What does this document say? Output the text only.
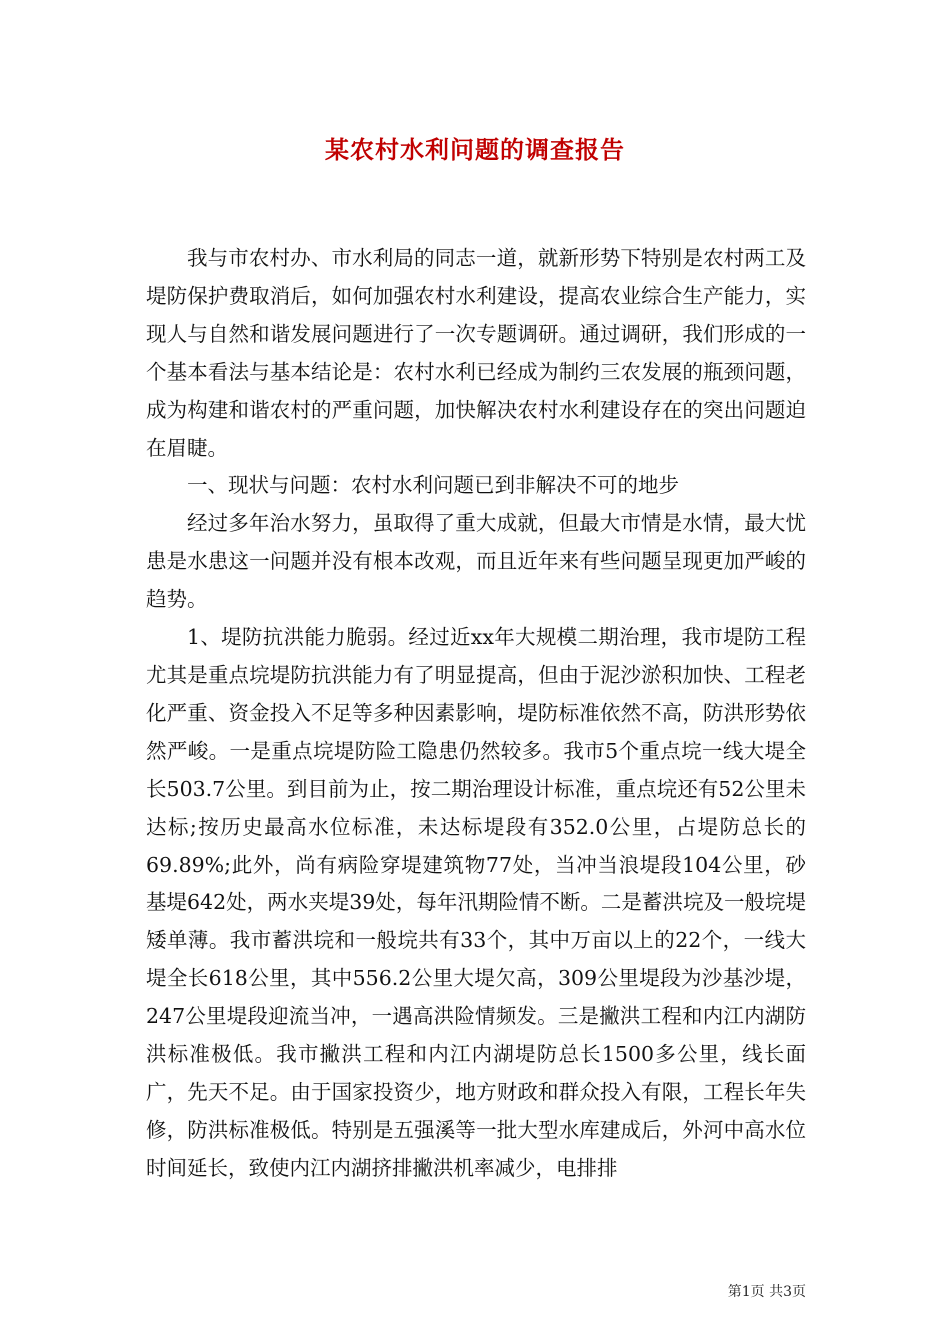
某农村水利问题的调查报告

我与市农村办、市水利局的同志一道，就新形势下特别是农村两工及堤防保护费取消后，如何加强农村水利建设，提高农业综合生产能力，实现人与自然和谐发展问题进行了一次专题调研。通过调研，我们形成的一个基本看法与基本结论是：农村水利已经成为制约三农发展的瓶颈问题，成为构建和谐农村的严重问题，加快解决农村水利建设存在的突出问题迫在眉睫。

一、现状与问题：农村水利问题已到非解决不可的地步

经过多年治水努力，虽取得了重大成就，但最大市情是水情，最大忧患是水患这一问题并没有根本改观，而且近年来有些问题呈现更加严峻的趋势。

1、堤防抗洪能力脆弱。经过近xx年大规模二期治理，我市堤防工程尤其是重点垸堤防抗洪能力有了明显提高，但由于泥沙淤积加快、工程老化严重、资金投入不足等多种因素影响，堤防标准依然不高，防洪形势依然严峻。一是重点垸堤防险工隐患仍然较多。我市5个重点垸一线大堤全长503.7公里。到目前为止，按二期治理设计标准，重点垸还有52公里未达标;按历史最高水位标准，未达标堤段有352.0公里，占堤防总长的69.89%;此外，尚有病险穿堤建筑物77处，当冲当浪堤段104公里，砂基堤642处，两水夹堤39处，每年汛期险情不断。二是蓄洪垸及一般垸堤矮单薄。我市蓄洪垸和一般垸共有33个，其中万亩以上的22个，一线大堤全长618公里，其中556.2公里大堤欠高，309公里堤段为沙基沙堤，247公里堤段迎流当冲，一遇高洪险情频发。三是撇洪工程和内江内湖防洪标准极低。我市撇洪工程和内江内湖堤防总长1500多公里，线长面广，先天不足。由于国家投资少，地方财政和群众投入有限，工程长年失修，防洪标准极低。特别是五强溪等一批大型水库建成后，外河中高水位时间延长，致使内江内湖挤排撇洪机率减少，电排排

第1页 共3页
